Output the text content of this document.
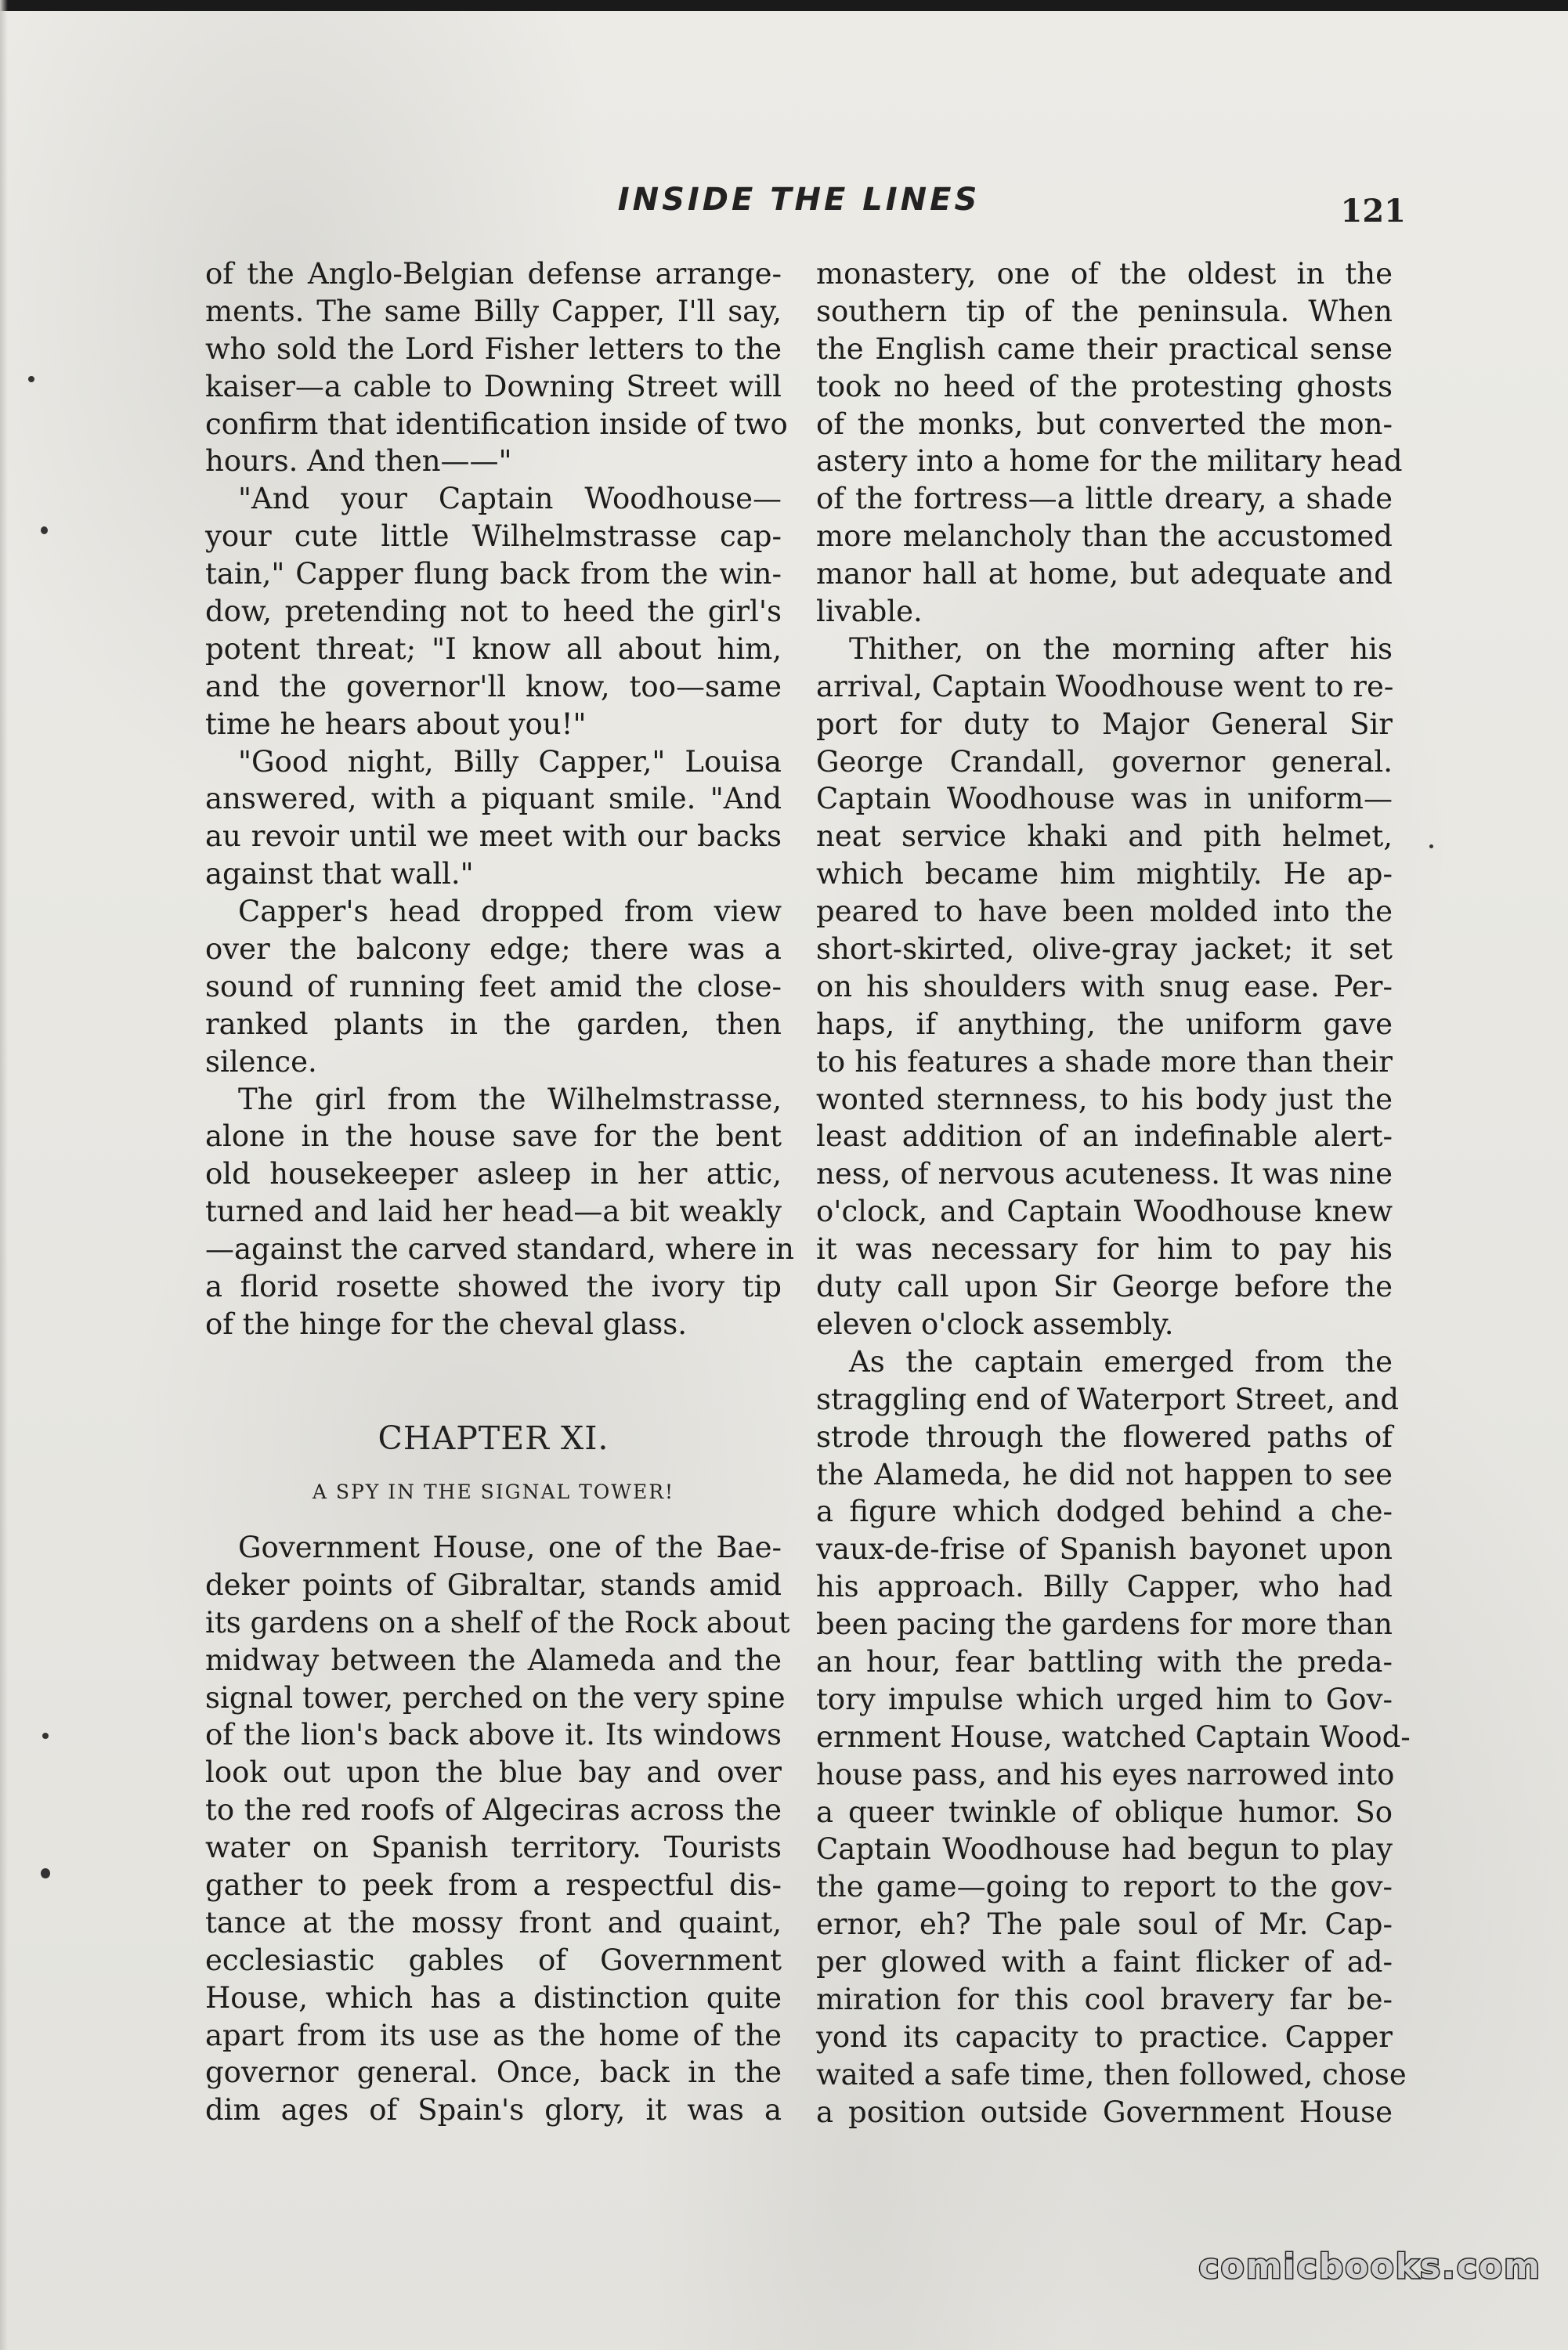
INSIDE THE LINES	121
of the Anglo-Belgian defense arrange-
ments. The same Billy Capper, I'll say,
who sold the Lord Fisher letters to the
kaiser—a cable to Downing Street will
confirm that identification inside of two
hours. And then——"
"And your Captain Woodhouse—
your cute little Wilhelmstrasse cap-
tain," Capper flung back from the win-
dow, pretending not to heed the girl's
potent threat; "I know all about him,
and the governor'll know, too—same
time he hears about you!"
"Good night, Billy Capper," Louisa
answered, with a piquant smile. "And
au revoir until we meet with our backs
against that wall."
Capper's head dropped from view
over the balcony edge; there was a
sound of running feet amid the close-
ranked plants in the garden, then
silence.
The girl from the Wilhelmstrasse,
alone in the house save for the bent
old housekeeper asleep in her attic,
turned and laid her head—a bit weakly
—against the carved standard, where in
a florid rosette showed the ivory tip
of the hinge for the cheval glass.
CHAPTER XI.
A SPY IN THE SIGNAL TOWER!
Government House, one of the Bae-
deker points of Gibraltar, stands amid
its gardens on a shelf of the Rock about
midway between the Alameda and the
signal tower, perched on the very spine
of the lion's back above it. Its windows
look out upon the blue bay and over
to the red roofs of Algeciras across the
water on Spanish territory. Tourists
gather to peek from a respectful dis-
tance at the mossy front and quaint,
ecclesiastic gables of Government
House, which has a distinction quite
apart from its use as the home of the
governor general. Once, back in the
dim ages of Spain's glory, it was a
monastery, one of the oldest in the
southern tip of the peninsula. When
the English came their practical sense
took no heed of the protesting ghosts
of the monks, but converted the mon-
astery into a home for the military head
of the fortress—a little dreary, a shade
more melancholy than the accustomed
manor hall at home, but adequate and
livable.
Thither, on the morning after his
arrival, Captain Woodhouse went to re-
port for duty to Major General Sir
George Crandall, governor general.
Captain Woodhouse was in uniform—
neat service khaki and pith helmet,
which became him mightily. He ap-
peared to have been molded into the
short-skirted, olive-gray jacket; it set
on his shoulders with snug ease. Per-
haps, if anything, the uniform gave
to his features a shade more than their
wonted sternness, to his body just the
least addition of an indefinable alert-
ness, of nervous acuteness. It was nine
o'clock, and Captain Woodhouse knew
it was necessary for him to pay his
duty call upon Sir George before the
eleven o'clock assembly.
As the captain emerged from the
straggling end of Waterport Street, and
strode through the flowered paths of
the Alameda, he did not happen to see
a figure which dodged behind a che-
vaux-de-frise of Spanish bayonet upon
his approach. Billy Capper, who had
been pacing the gardens for more than
an hour, fear battling with the preda-
tory impulse which urged him to Gov-
ernment House, watched Captain Wood-
house pass, and his eyes narrowed into
a queer twinkle of oblique humor. So
Captain Woodhouse had begun to play
the game—going to report to the gov-
ernor, eh? The pale soul of Mr. Cap-
per glowed with a faint flicker of ad-
miration for this cool bravery far be-
yond its capacity to practice. Capper
waited a safe time, then followed, chose
a position outside Government House
comicbooks.com
